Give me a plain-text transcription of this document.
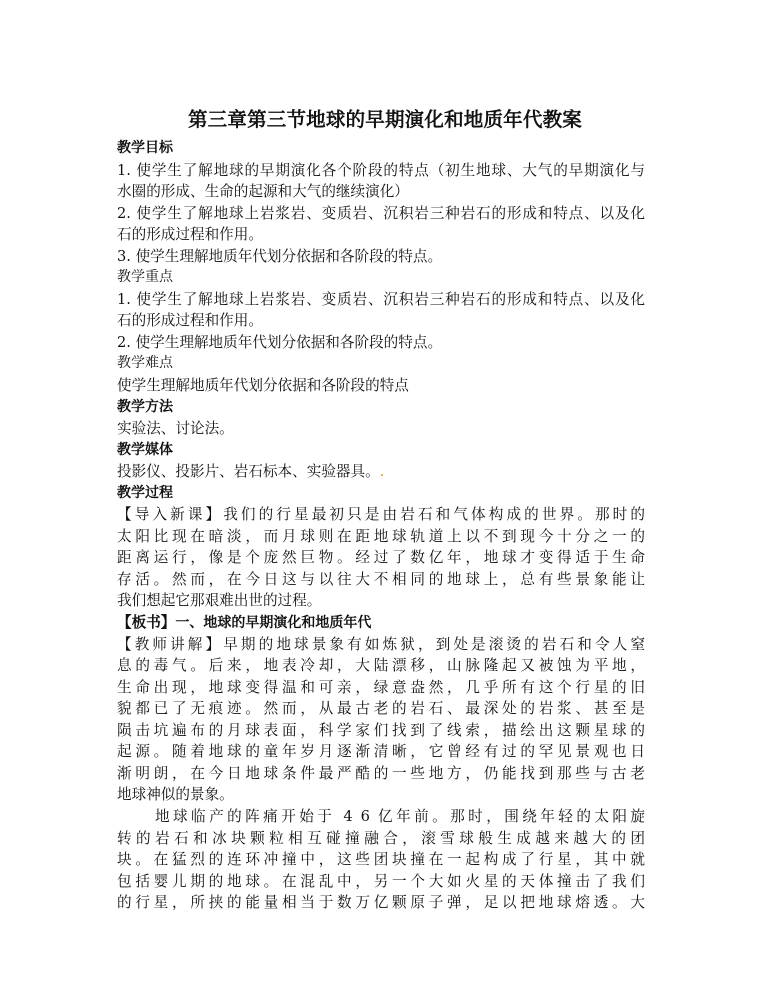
第三章第三节地球的早期演化和地质年代教案
教学目标
1. 使学生了解地球的早期演化各个阶段的特点（初生地球、大气的早期演化与
水圈的形成、生命的起源和大气的继续演化）
2. 使学生了解地球上岩浆岩、变质岩、沉积岩三种岩石的形成和特点、以及化
石的形成过程和作用。
3. 使学生理解地质年代划分依据和各阶段的特点。
教学重点
1. 使学生了解地球上岩浆岩、变质岩、沉积岩三种岩石的形成和特点、以及化
石的形成过程和作用。
2. 使学生理解地质年代划分依据和各阶段的特点。
教学难点
使学生理解地质年代划分依据和各阶段的特点
教学方法
实验法、讨论法。
教学媒体
投影仪、投影片、岩石标本、实验器具。.
教学过程
【导入新课】我们的行星最初只是由岩石和气体构成的世界。那时的
太阳比现在暗淡，而月球则在距地球轨道上以不到现今十分之一的
距离运行，像是个庞然巨物。经过了数亿年，地球才变得适于生命
存活。然而，在今日这与以往大不相同的地球上，总有些景象能让
我们想起它那艰难出世的过程。
【板书】一、地球的早期演化和地质年代
【教师讲解】早期的地球景象有如炼狱，到处是滚烫的岩石和令人窒
息的毒气。后来，地表冷却，大陆漂移，山脉隆起又被蚀为平地，
生命出现，地球变得温和可亲，绿意盎然，几乎所有这个行星的旧
貌都已了无痕迹。然而，从最古老的岩石、最深处的岩浆、甚至是
陨击坑遍布的月球表面，科学家们找到了线索，描绘出这颗星球的
起源。随着地球的童年岁月逐渐清晰，它曾经有过的罕见景观也日
渐明朗，在今日地球条件最严酷的一些地方，仍能找到那些与古老
地球神似的景象。
地球临产的阵痛开始于 4 6 亿年前。那时，围绕年轻的太阳旋
转的岩石和冰块颗粒相互碰撞融合，滚雪球般生成越来越大的团
块。在猛烈的连环冲撞中，这些团块撞在一起构成了行星，其中就
包括婴儿期的地球。在混乱中，另一个大如火星的天体撞击了我们
的行星，所挟的能量相当于数万亿颗原子弹，足以把地球熔透。大
